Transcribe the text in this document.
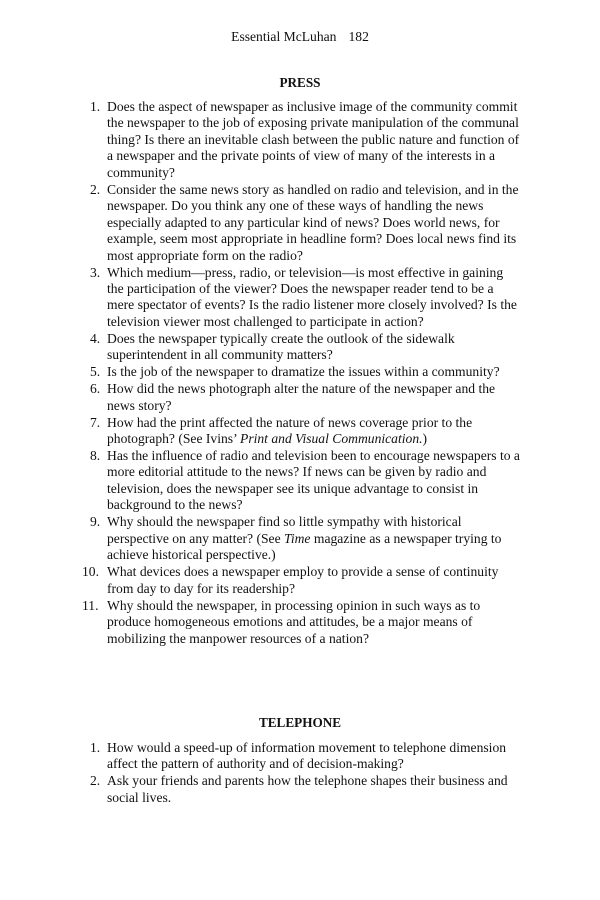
Essential McLuhan 182
PRESS
1. Does the aspect of newspaper as inclusive image of the community commit the newspaper to the job of exposing private manipulation of the communal thing? Is there an inevitable clash between the public nature and function of a newspaper and the private points of view of many of the interests in a community?
2. Consider the same news story as handled on radio and television, and in the newspaper. Do you think any one of these ways of handling the news especially adapted to any particular kind of news? Does world news, for example, seem most appropriate in headline form? Does local news find its most appropriate form on the radio?
3. Which medium—press, radio, or television—is most effective in gaining the participation of the viewer? Does the newspaper reader tend to be a mere spectator of events? Is the radio listener more closely involved? Is the television viewer most challenged to participate in action?
4. Does the newspaper typically create the outlook of the sidewalk superintendent in all community matters?
5. Is the job of the newspaper to dramatize the issues within a community?
6. How did the news photograph alter the nature of the newspaper and the news story?
7. How had the print affected the nature of news coverage prior to the photograph? (See Ivins’ Print and Visual Communication.)
8. Has the influence of radio and television been to encourage newspapers to a more editorial attitude to the news? If news can be given by radio and television, does the newspaper see its unique advantage to consist in background to the news?
9. Why should the newspaper find so little sympathy with historical perspective on any matter? (See Time magazine as a newspaper trying to achieve historical perspective.)
10. What devices does a newspaper employ to provide a sense of continuity from day to day for its readership?
11. Why should the newspaper, in processing opinion in such ways as to produce homogeneous emotions and attitudes, be a major means of mobilizing the manpower resources of a nation?
TELEPHONE
1. How would a speed-up of information movement to telephone dimension affect the pattern of authority and of decision-making?
2. Ask your friends and parents how the telephone shapes their business and social lives.
